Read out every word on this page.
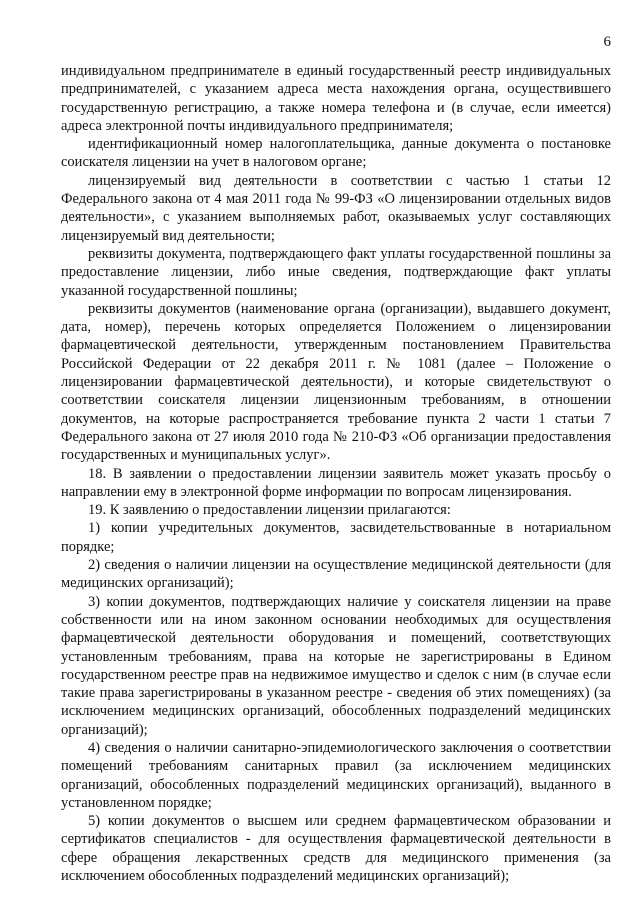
6

индивидуальном предпринимателе в единый государственный реестр индивидуальных предпринимателей, с указанием адреса места нахождения органа, осуществившего государственную регистрацию, а также номера телефона и (в случае, если имеется) адреса электронной почты индивидуального предпринимателя;

идентификационный номер налогоплательщика, данные документа о постановке соискателя лицензии на учет в налоговом органе;

лицензируемый вид деятельности в соответствии с частью 1 статьи 12 Федерального закона от 4 мая 2011 года № 99-ФЗ «О лицензировании отдельных видов деятельности», с указанием выполняемых работ, оказываемых услуг составляющих лицензируемый вид деятельности;

реквизиты документа, подтверждающего факт уплаты государственной пошлины за предоставление лицензии, либо иные сведения, подтверждающие факт уплаты указанной государственной пошлины;

реквизиты документов (наименование органа (организации), выдавшего документ, дата, номер), перечень которых определяется Положением о лицензировании фармацевтической деятельности, утвержденным постановлением Правительства Российской Федерации от 22 декабря 2011 г. № 1081 (далее – Положение о лицензировании фармацевтической деятельности), и которые свидетельствуют о соответствии соискателя лицензии лицензионным требованиям, в отношении документов, на которые распространяется требование пункта 2 части 1 статьи 7 Федерального закона от 27 июля 2010 года № 210-ФЗ «Об организации предоставления государственных и муниципальных услуг».

18. В заявлении о предоставлении лицензии заявитель может указать просьбу о направлении ему в электронной форме информации по вопросам лицензирования.

19. К заявлению о предоставлении лицензии прилагаются:

1) копии учредительных документов, засвидетельствованные в нотариальном порядке;

2) сведения о наличии лицензии на осуществление медицинской деятельности (для медицинских организаций);

3) копии документов, подтверждающих наличие у соискателя лицензии на праве собственности или на ином законном основании необходимых для осуществления фармацевтической деятельности оборудования и помещений, соответствующих установленным требованиям, права на которые не зарегистрированы в Едином государственном реестре прав на недвижимое имущество и сделок с ним (в случае если такие права зарегистрированы в указанном реестре - сведения об этих помещениях) (за исключением медицинских организаций, обособленных подразделений медицинских организаций);

4) сведения о наличии санитарно-эпидемиологического заключения о соответствии помещений требованиям санитарных правил (за исключением медицинских организаций, обособленных подразделений медицинских организаций), выданного в установленном порядке;

5) копии документов о высшем или среднем фармацевтическом образовании и сертификатов специалистов - для осуществления фармацевтической деятельности в сфере обращения лекарственных средств для медицинского применения (за исключением обособленных подразделений медицинских организаций);
